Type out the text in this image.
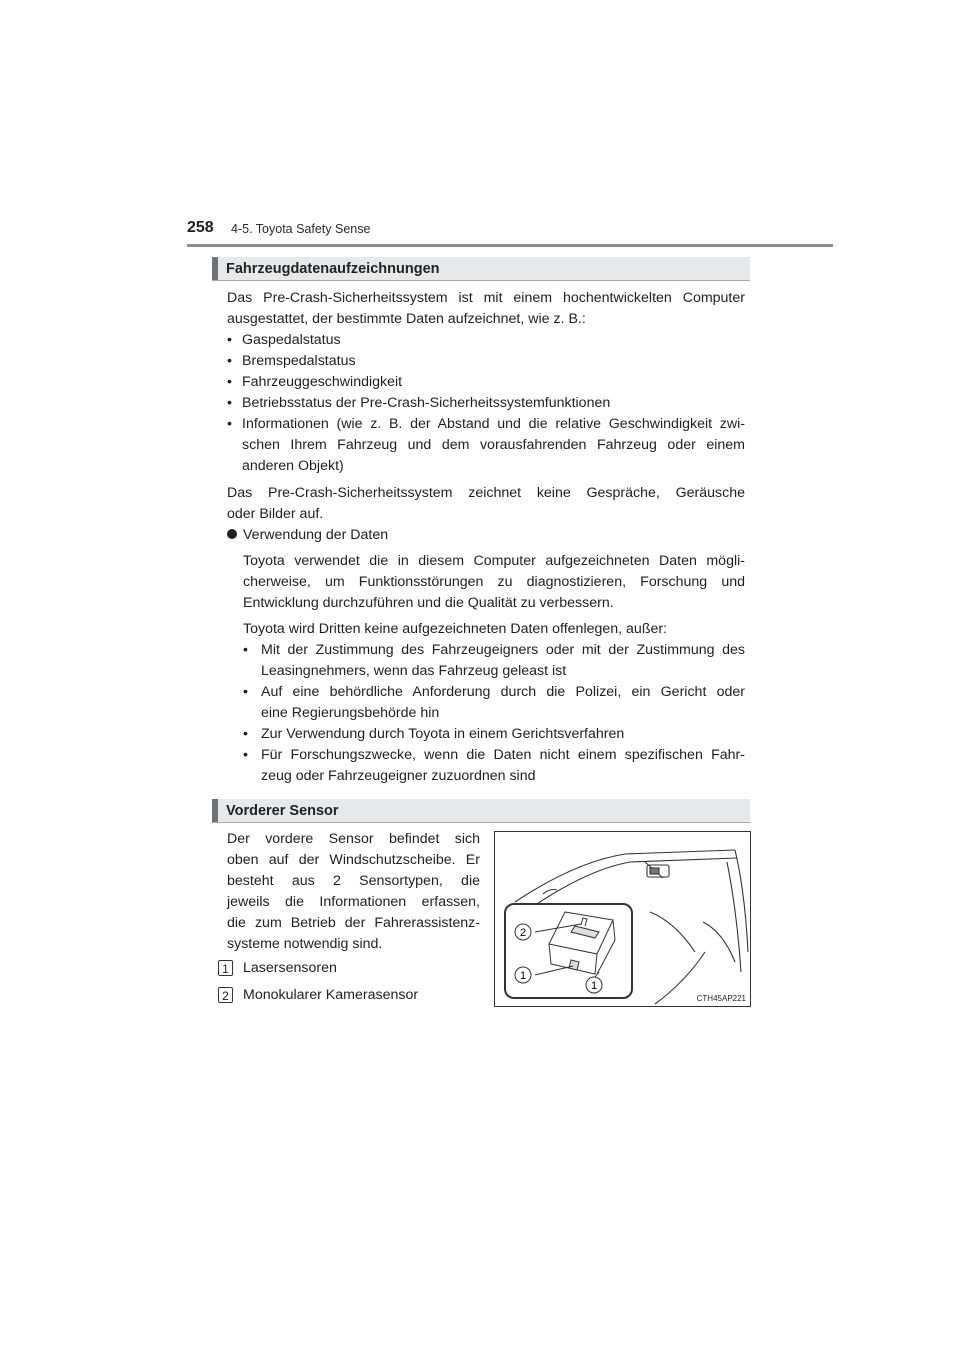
258 4-5. Toyota Safety Sense
Fahrzeugdatenaufzeichnungen
Das Pre-Crash-Sicherheitssystem ist mit einem hochentwickelten Computer
ausgestattet, der bestimmte Daten aufzeichnet, wie z. B.:
• Gaspedalstatus
• Bremspedalstatus
• Fahrzeuggeschwindigkeit
• Betriebsstatus der Pre-Crash-Sicherheitssystemfunktionen
• Informationen (wie z. B. der Abstand und die relative Geschwindigkeit zwi-
schen Ihrem Fahrzeug und dem vorausfahrenden Fahrzeug oder einem
anderen Objekt)
Das Pre-Crash-Sicherheitssystem zeichnet keine Gespräche, Geräusche
oder Bilder auf.
Verwendung der Daten
Toyota verwendet die in diesem Computer aufgezeichneten Daten mögli-
cherweise, um Funktionsstörungen zu diagnostizieren, Forschung und
Entwicklung durchzuführen und die Qualität zu verbessern.
Toyota wird Dritten keine aufgezeichneten Daten offenlegen, außer:
• Mit der Zustimmung des Fahrzeugeigners oder mit der Zustimmung des
Leasingnehmers, wenn das Fahrzeug geleast ist
• Auf eine behördliche Anforderung durch die Polizei, ein Gericht oder
eine Regierungsbehörde hin
• Zur Verwendung durch Toyota in einem Gerichtsverfahren
• Für Forschungszwecke, wenn die Daten nicht einem spezifischen Fahr-
zeug oder Fahrzeugeigner zuzuordnen sind
Vorderer Sensor
Der vordere Sensor befindet sich
oben auf der Windschutzscheibe. Er
besteht aus 2 Sensortypen, die
jeweils die Informationen erfassen,
die zum Betrieb der Fahrerassistenz-
systeme notwendig sind.
1 Lasersensoren
2 Monokularer Kamerasensor
2
1
1
CTH45AP221
